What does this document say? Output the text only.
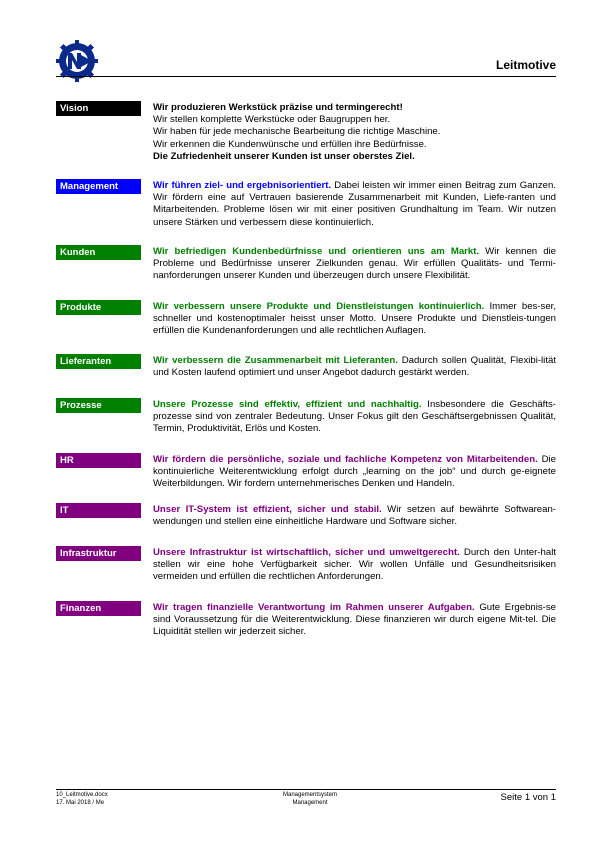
Leitmotive
Vision	Wir produzieren Werkstück präzise und termingerecht!
Wir stellen komplette Werkstücke oder Baugruppen her.
Wir haben für jede mechanische Bearbeitung die richtige Maschine.
Wir erkennen die Kundenwünsche und erfüllen ihre Bedürfnisse.
Die Zufriedenheit unserer Kunden ist unser oberstes Ziel.
Management	Wir führen ziel- und ergebnisorientiert. Dabei leisten wir immer einen Beitrag zum Ganzen. Wir fördern eine auf Vertrauen basierende Zusammenarbeit mit Kunden, Liefe-ranten und Mitarbeitenden. Probleme lösen wir mit einer positiven Grundhaltung im Team. Wir nutzen unsere Stärken und verbessern diese kontinuierlich.
Kunden	Wir befriedigen Kundenbedürfnisse und orientieren uns am Markt. Wir kennen die Probleme und Bedürfnisse unserer Zielkunden genau. Wir erfüllen Qualitäts- und Termi-nanforderungen unserer Kunden und überzeugen durch unsere Flexibilität.
Produkte	Wir verbessern unsere Produkte und Dienstleistungen kontinuierlich. Immer bes-ser, schneller und kostenoptimaler heisst unser Motto. Unsere Produkte und Dienstleis-tungen erfüllen die Kundenanforderungen und alle rechtlichen Auflagen.
Lieferanten	Wir verbessern die Zusammenarbeit mit Lieferanten. Dadurch sollen Qualität, Flexibi-lität und Kosten laufend optimiert und unser Angebot dadurch gestärkt werden.
Prozesse	Unsere Prozesse sind effektiv, effizient und nachhaltig. Insbesondere die Geschäfts-prozesse sind von zentraler Bedeutung. Unser Fokus gilt den Geschäftsergebnissen Qualität, Termin, Produktivität, Erlös und Kosten.
HR	Wir fördern die persönliche, soziale und fachliche Kompetenz von Mitarbeitenden. Die kontinuierliche Weiterentwicklung erfolgt durch „learning on the job“ und durch ge-eignete Weiterbildungen. Wir fordern unternehmerisches Denken und Handeln.
IT	Unser IT-System ist effizient, sicher und stabil. Wir setzen auf bewährte Softwarean-wendungen und stellen eine einheitliche Hardware und Software sicher.
Infrastruktur	Unsere Infrastruktur ist wirtschaftlich, sicher und umweltgerecht. Durch den Unter-halt stellen wir eine hohe Verfügbarkeit sicher. Wir wollen Unfälle und Gesundheitsrisiken vermeiden und erfüllen die rechtlichen Anforderungen.
Finanzen	Wir tragen finanzielle Verantwortung im Rahmen unserer Aufgaben. Gute Ergebnis-se sind Voraussetzung für die Weiterentwicklung. Diese finanzieren wir durch eigene Mit-tel. Die Liquidität stellen wir jederzeit sicher.
10_Leitmotive.docx
17. Mai 2018 / Me
Managementsystem
Management	Seite 1 von 1
